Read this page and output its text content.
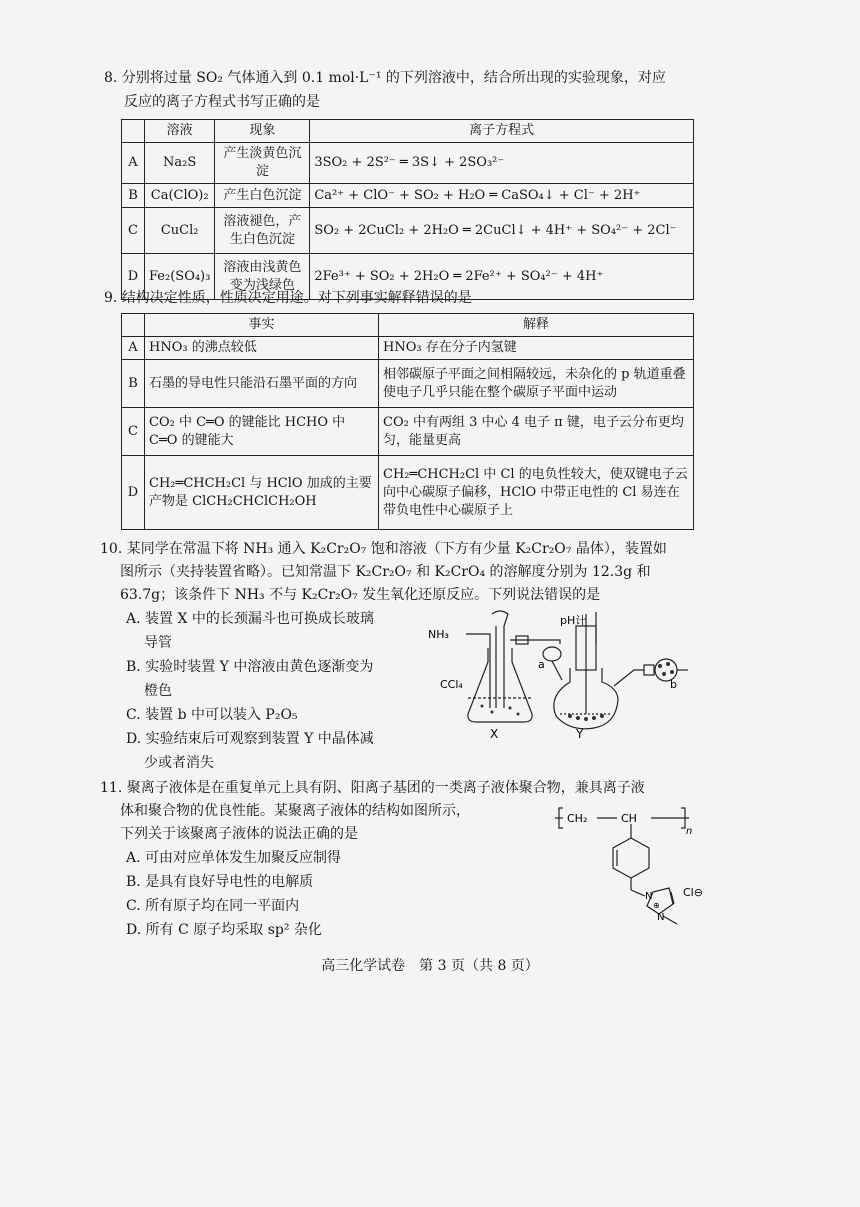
8. 分别将过量 SO₂ 气体通入到 0.1 mol·L⁻¹ 的下列溶液中，结合所出现的实验现象，对应
反应的离子方程式书写正确的是
	溶液	现象	离子方程式
A	Na₂S	产生淡黄色沉淀	3SO₂ + 2S²⁻ ═ 3S↓ + 2SO₃²⁻
B	Ca(ClO)₂	产生白色沉淀	Ca²⁺ + ClO⁻ + SO₂ + H₂O ═ CaSO₄↓ + Cl⁻ + 2H⁺
C	CuCl₂	溶液褪色，产生白色沉淀	SO₂ + 2CuCl₂ + 2H₂O ═ 2CuCl↓ + 4H⁺ + SO₄²⁻ + 2Cl⁻
D	Fe₂(SO₄)₃	溶液由浅黄色变为浅绿色	2Fe³⁺ + SO₂ + 2H₂O ═ 2Fe²⁺ + SO₄²⁻ + 4H⁺
9. 结构决定性质，性质决定用途。对下列事实解释错误的是
	事实	解释
A	HNO₃ 的沸点较低	HNO₃ 存在分子内氢键
B	石墨的导电性只能沿石墨平面的方向	相邻碳原子平面之间相隔较远，未杂化的 p 轨道重叠使电子几乎只能在整个碳原子平面中运动
C	CO₂ 中 C═O 的键能比 HCHO 中 C═O 的键能大	CO₂ 中有两组 3 中心 4 电子 π 键，电子云分布更均匀，能量更高
D	CH₂═CHCH₂Cl 与 HClO 加成的主要产物是 ClCH₂CHClCH₂OH	CH₂═CHCH₂Cl 中 Cl 的电负性较大，使双键电子云向中心碳原子偏移，HClO 中带正电性的 Cl 易连在带负电性中心碳原子上
10. 某同学在常温下将 NH₃ 通入 K₂Cr₂O₇ 饱和溶液（下方有少量 K₂Cr₂O₇ 晶体），装置如
图所示（夹持装置省略）。已知常温下 K₂Cr₂O₇ 和 K₂CrO₄ 的溶解度分别为 12.3g 和
63.7g；该条件下 NH₃ 不与 K₂Cr₂O₇ 发生氧化还原反应。下列说法错误的是
A. 装置 X 中的长颈漏斗也可换成长玻璃
导管
B. 实验时装置 Y 中溶液由黄色逐渐变为
橙色
C. 装置 b 中可以装入 P₂O₅
D. 实验结束后可观察到装置 Y 中晶体减
少或者消失
NH₃
pH计
CCl₄
a
b
X	Y
11. 聚离子液体是在重复单元上具有阴、阳离子基团的一类离子液体聚合物，兼具离子液
体和聚合物的优良性能。某聚离子液体的结构如图所示，
下列关于该聚离子液体的说法正确的是
A. 可由对应单体发生加聚反应制得
B. 是具有良好导电性的电解质
C. 所有原子均在同一平面内
D. 所有 C 原子均采取 sp² 杂化
CH₂	CH
n
N
N
⊕
Cl⊖
高三化学试卷　第 3 页（共 8 页）
